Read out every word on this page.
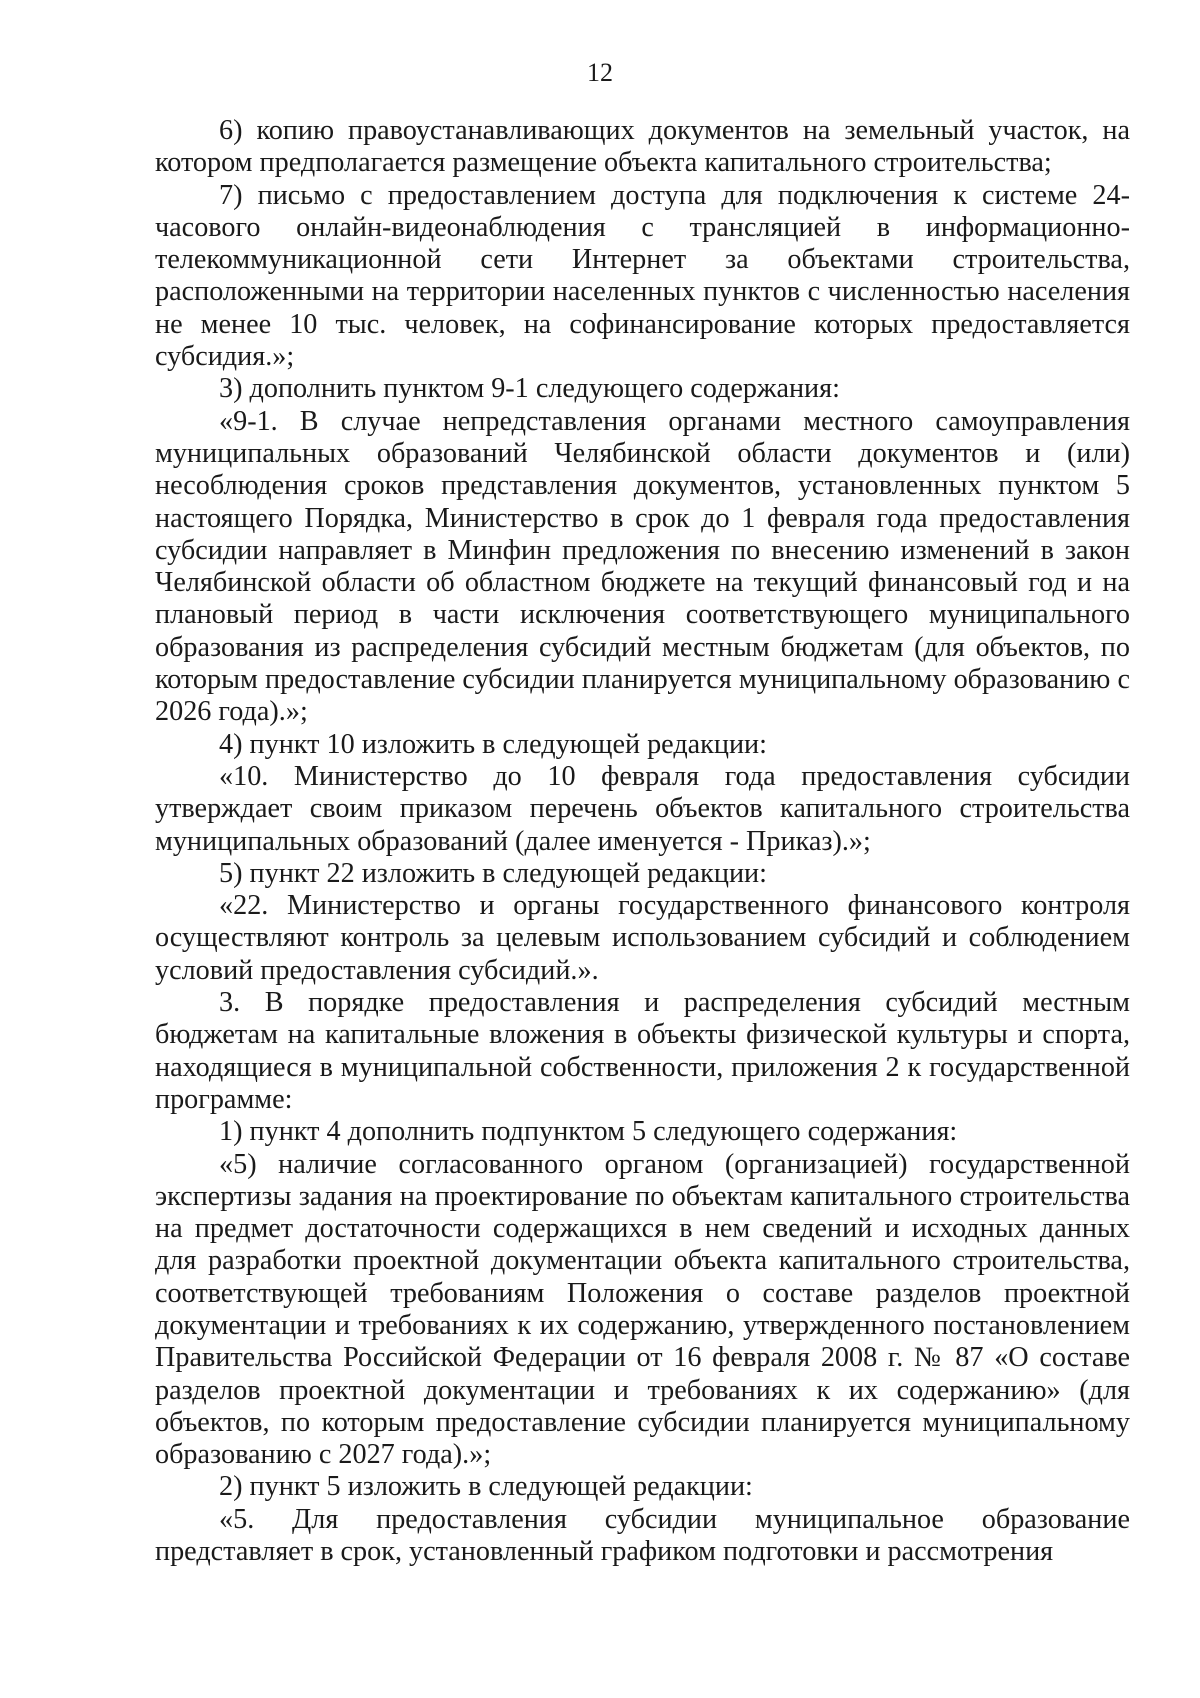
12

6) копию правоустанавливающих документов на земельный участок, на котором предполагается размещение объекта капитального строительства;

7) письмо с предоставлением доступа для подключения к системе 24-часового онлайн-видеонаблюдения с трансляцией в информационно-телекоммуникационной сети Интернет за объектами строительства, расположенными на территории населенных пунктов с численностью населения не менее 10 тыс. человек, на софинансирование которых предоставляется субсидия.»;

3) дополнить пунктом 9-1 следующего содержания:

«9-1. В случае непредставления органами местного самоуправления муниципальных образований Челябинской области документов и (или) несоблюдения сроков представления документов, установленных пунктом 5 настоящего Порядка, Министерство в срок до 1 февраля года предоставления субсидии направляет в Минфин предложения по внесению изменений в закон Челябинской области об областном бюджете на текущий финансовый год и на плановый период в части исключения соответствующего муниципального образования из распределения субсидий местным бюджетам (для объектов, по которым предоставление субсидии планируется муниципальному образованию с 2026 года).»;

4) пункт 10 изложить в следующей редакции:

«10. Министерство до 10 февраля года предоставления субсидии утверждает своим приказом перечень объектов капитального строительства муниципальных образований (далее именуется - Приказ).»;

5) пункт 22 изложить в следующей редакции:

«22. Министерство и органы государственного финансового контроля осуществляют контроль за целевым использованием субсидий и соблюдением условий предоставления субсидий.».

3. В порядке предоставления и распределения субсидий местным бюджетам на капитальные вложения в объекты физической культуры и спорта, находящиеся в муниципальной собственности, приложения 2 к государственной программе:

1) пункт 4 дополнить подпунктом 5 следующего содержания:

«5) наличие согласованного органом (организацией) государственной экспертизы задания на проектирование по объектам капитального строительства на предмет достаточности содержащихся в нем сведений и исходных данных для разработки проектной документации объекта капитального строительства, соответствующей требованиям Положения о составе разделов проектной документации и требованиях к их содержанию, утвержденного постановлением Правительства Российской Федерации от 16 февраля 2008 г. № 87 «О составе разделов проектной документации и требованиях к их содержанию» (для объектов, по которым предоставление субсидии планируется муниципальному образованию с 2027 года).»;

2) пункт 5 изложить в следующей редакции:

«5. Для предоставления субсидии муниципальное образование представляет в срок, установленный графиком подготовки и рассмотрения
